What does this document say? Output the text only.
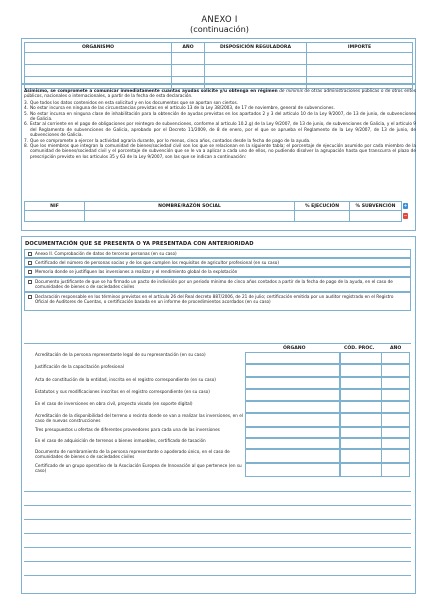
ANEXO I
(continuación)
ORGANISMO	AÑO	DISPOSICIÓN REGULADORA	IMPORTE

Asimismo, se compromete a comunicar inmediatamente cuantas ayudas solicite y/u obtenga en régimen de minimis de otras administraciones públicas o de otros entes públicos, nacionales o internacionales, a partir de la fecha de esta declaración.

3. Que todos los datos contenidos en esta solicitud y en los documentos que se aportan son ciertos.
4. No estar incursa en ninguna de las circunstancias previstas en el artículo 13 de la Ley 38/2003, de 17 de noviembre, general de subvenciones.
5. No estar incursa en ninguna clase de inhabilitación para la obtención de ayudas previstas en los apartados 2 y 3 del artículo 10 de la Ley 9/2007, de 13 de junio, de subvenciones de Galicia.
6. Estar al corriente en el pago de obligaciones por reintegro de subvenciones, conforme al artículo 10.2.g) de la Ley 9/2007, de 13 de junio, de subvenciones de Galicia, y el artículo 9 del Reglamento de subvenciones de Galicia, aprobado por el Decreto 11/2009, de 8 de enero, por el que se aprueba el Reglamento de la Ley 9/2007, de 13 de junio, de subvenciones de Galicia.
7. Que se compromete a ejercer la actividad agraria durante, por lo menos, cinco años, contados desde la fecha de pago de la ayuda.
8. Que los miembros que integran la comunidad de bienes/sociedad civil son los que se relacionan en la siguiente tabla; el porcentaje de ejecución asumido por cada miembro de la comunidad de bienes/sociedad civil y el porcentaje de subvención que se le va a aplicar a cada uno de ellos, no pudiendo disolver la agrupación hasta que transcurra el plazo de prescripción previsto en los artículos 35 y 63 de la Ley 9/2007, son las que se indican a continuación:
NIF	NOMBRE/RAZÓN SOCIAL	% EJECUCIÓN	% SUBVENCIÓN
			+
−
DOCUMENTACIÓN QUE SE PRESENTA O YA PRESENTADA CON ANTERIORIDAD
Anexo II. Comprobación de datos de terceras personas (en su caso)
Certificado del número de personas socias y de los que cumplen los requisitos de agricultor profesional (en su caso)
Memoria donde se justifiquen las inversiones a realizar y el rendimiento global de la explotación
Documento justificante de que se ha firmado un pacto de indivisión por un periodo mínimo de cinco años contados a partir de la fecha de pago de la ayuda, en el caso de comunidades de bienes o de sociedades civiles
Declaración responsable en los términos previstos en el artículo 26 del Real decreto 887/2006, de 21 de julio; certificación emitida por un auditor registrado en el Registro Oficial de Auditores de Cuentas, o certificación basada en un informe de procedimientos acordados (en su caso)
ÓRGANO	CÓD. PROC.	AÑO
Acreditación de la persona representante legal de su representación (en su caso)
Justificación de la capacitación profesional
Acta de constitución de la entidad, inscrita en el registro correspondiente (en su caso)
Estatutos y sus modificaciones inscritos en el registro correspondiente (en su caso)
En el caso de inversiones en obra civil, proyecto visado (en soporte digital)
Acreditación de la disponibilidad del terreno o recinto donde se van a realizar las inversiones, en el caso de nuevas construcciones
Tres presupuestos u ofertas de diferentes proveedores para cada una de las inversiones
En el caso de adquisición de terrenos o bienes inmuebles, certificado de tasación
Documento de nombramiento de la persona representante o apoderado único, en el caso de comunidades de bienes o de sociedades civiles
Certificado de un grupo operativo de la Asociación Europea de Innovación al que pertenece (en su caso)
